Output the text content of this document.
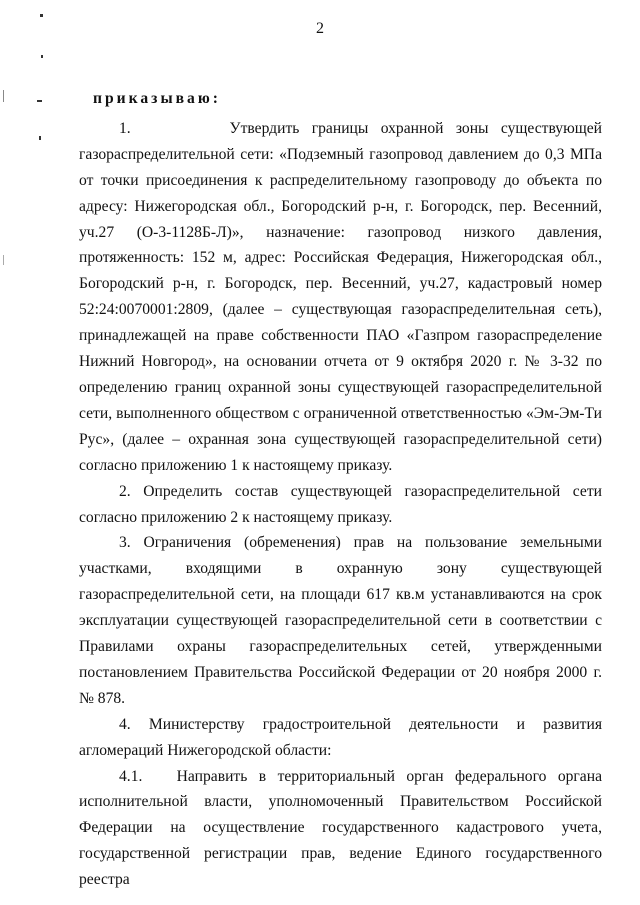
2

приказываю:

1.        Утвердить границы охранной зоны существующей газораспределительной сети: «Подземный газопровод давлением до 0,3 МПа от точки присоединения к распределительному газопроводу до объекта по адресу: Нижегородская обл., Богородский р-н, г. Богородск, пер. Весенний, уч.27 (О-3-1128Б-Л)», назначение: газопровод низкого давления, протяженность: 152 м, адрес: Российская Федерация, Нижегородская обл., Богородский р-н, г. Богородск, пер. Весенний, уч.27, кадастровый номер 52:24:0070001:2809, (далее – существующая газораспределительная сеть), принадлежащей на праве собственности ПАО «Газпром газораспределение Нижний Новгород», на основании отчета от 9 октября 2020 г. № 3-32 по определению границ охранной зоны существующей газораспределительной сети, выполненного обществом с ограниченной ответственностью «Эм-Эм-Ти Рус», (далее – охранная зона существующей газораспределительной сети) согласно приложению 1 к настоящему приказу.

2. Определить состав существующей газораспределительной сети согласно приложению 2 к настоящему приказу.

3. Ограничения (обременения) прав на пользование земельными участками, входящими в охранную зону существующей газораспределительной сети, на площади 617 кв.м устанавливаются на срок эксплуатации существующей газораспределительной сети в соответствии с Правилами охраны газораспределительных сетей, утвержденными постановлением Правительства Российской Федерации от 20 ноября 2000 г. № 878.

4. Министерству градостроительной деятельности и развития агломераций Нижегородской области:

4.1.   Направить в территориальный орган федерального органа исполнительной власти, уполномоченный Правительством Российской Федерации на осуществление государственного кадастрового учета, государственной регистрации прав, ведение Единого государственного реестра
